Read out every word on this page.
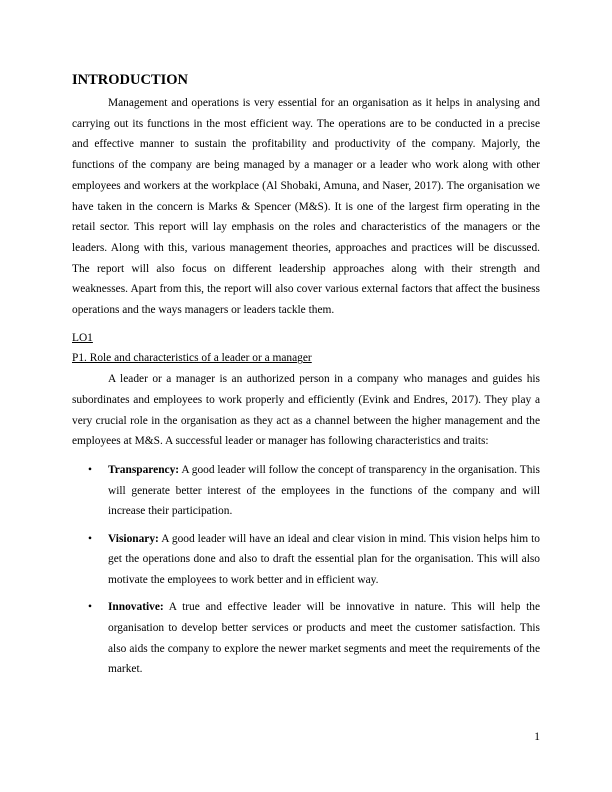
INTRODUCTION

Management and operations is very essential for an organisation as it helps in analysing and carrying out its functions in the most efficient way. The operations are to be conducted in a precise and effective manner to sustain the profitability and productivity of the company. Majorly, the functions of the company are being managed by a manager or a leader who work along with other employees and workers at the workplace (Al Shobaki, Amuna, and Naser, 2017). The organisation we have taken in the concern is Marks & Spencer (M&S). It is one of the largest firm operating in the retail sector. This report will lay emphasis on the roles and characteristics of the managers or the leaders. Along with this, various management theories, approaches and practices will be discussed. The report will also focus on different leadership approaches along with their strength and weaknesses. Apart from this, the report will also cover various external factors that affect the business operations and the ways managers or leaders tackle them.

LO1

P1. Role and characteristics of a leader or a manager

A leader or a manager is an authorized person in a company who manages and guides his subordinates and employees to work properly and efficiently (Evink and Endres, 2017). They play a very crucial role in the organisation as they act as a channel between the higher management and the employees at M&S. A successful leader or manager has following characteristics and traits:

• Transparency: A good leader will follow the concept of transparency in the organisation. This will generate better interest of the employees in the functions of the company and will increase their participation.
• Visionary: A good leader will have an ideal and clear vision in mind. This vision helps him to get the operations done and also to draft the essential plan for the organisation. This will also motivate the employees to work better and in efficient way.
• Innovative: A true and effective leader will be innovative in nature. This will help the organisation to develop better services or products and meet the customer satisfaction. This also aids the company to explore the newer market segments and meet the requirements of the market.
1
